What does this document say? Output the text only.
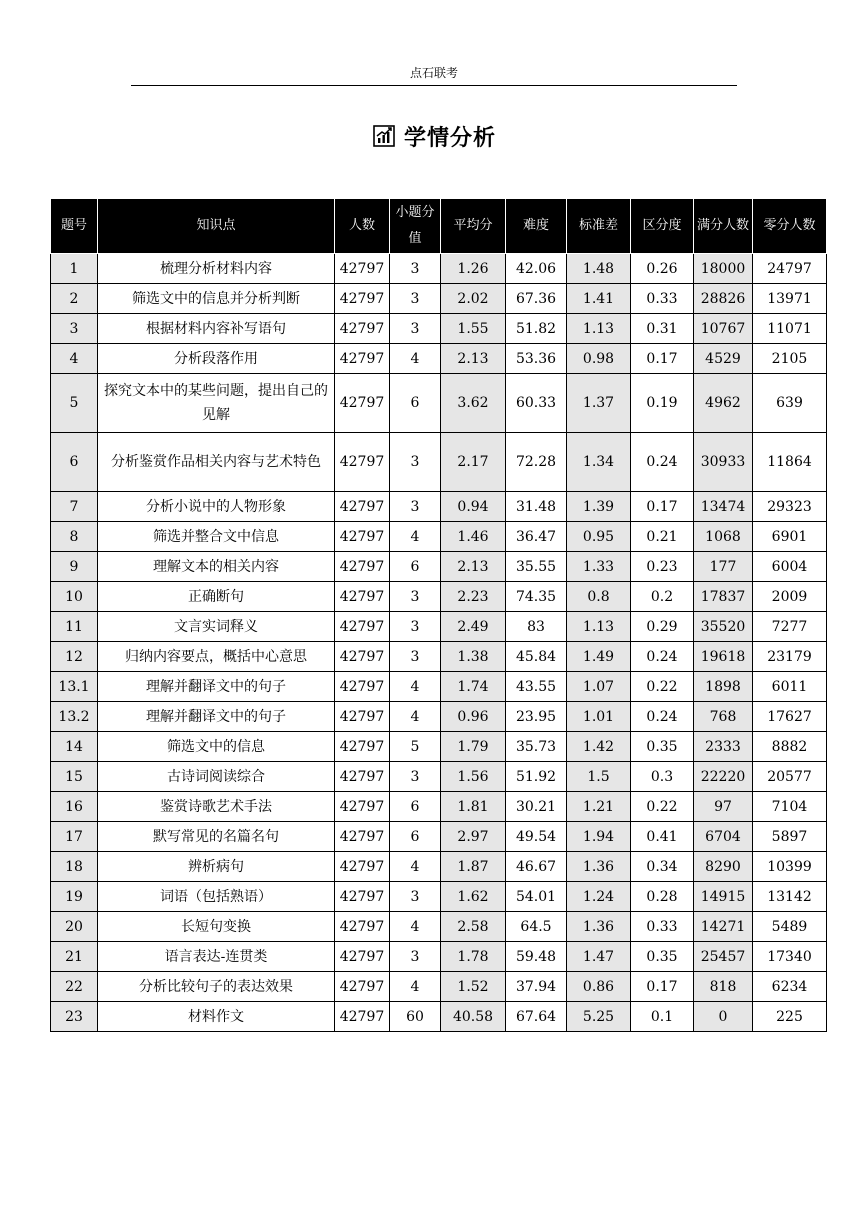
点石联考
学情分析
题号	知识点	人数	小题分值	平均分	难度	标准差	区分度	满分人数	零分人数
1	梳理分析材料内容	42797	3	1.26	42.06	1.48	0.26	18000	24797
2	筛选文中的信息并分析判断	42797	3	2.02	67.36	1.41	0.33	28826	13971
3	根据材料内容补写语句	42797	3	1.55	51.82	1.13	0.31	10767	11071
4	分析段落作用	42797	4	2.13	53.36	0.98	0.17	4529	2105
5	探究文本中的某些问题，提出自己的见解	42797	6	3.62	60.33	1.37	0.19	4962	639
6	分析鉴赏作品相关内容与艺术特色	42797	3	2.17	72.28	1.34	0.24	30933	11864
7	分析小说中的人物形象	42797	3	0.94	31.48	1.39	0.17	13474	29323
8	筛选并整合文中信息	42797	4	1.46	36.47	0.95	0.21	1068	6901
9	理解文本的相关内容	42797	6	2.13	35.55	1.33	0.23	177	6004
10	正确断句	42797	3	2.23	74.35	0.8	0.2	17837	2009
11	文言实词释义	42797	3	2.49	83	1.13	0.29	35520	7277
12	归纳内容要点，概括中心意思	42797	3	1.38	45.84	1.49	0.24	19618	23179
13.1	理解并翻译文中的句子	42797	4	1.74	43.55	1.07	0.22	1898	6011
13.2	理解并翻译文中的句子	42797	4	0.96	23.95	1.01	0.24	768	17627
14	筛选文中的信息	42797	5	1.79	35.73	1.42	0.35	2333	8882
15	古诗词阅读综合	42797	3	1.56	51.92	1.5	0.3	22220	20577
16	鉴赏诗歌艺术手法	42797	6	1.81	30.21	1.21	0.22	97	7104
17	默写常见的名篇名句	42797	6	2.97	49.54	1.94	0.41	6704	5897
18	辨析病句	42797	4	1.87	46.67	1.36	0.34	8290	10399
19	词语（包括熟语）	42797	3	1.62	54.01	1.24	0.28	14915	13142
20	长短句变换	42797	4	2.58	64.5	1.36	0.33	14271	5489
21	语言表达-连贯类	42797	3	1.78	59.48	1.47	0.35	25457	17340
22	分析比较句子的表达效果	42797	4	1.52	37.94	0.86	0.17	818	6234
23	材料作文	42797	60	40.58	67.64	5.25	0.1	0	225
